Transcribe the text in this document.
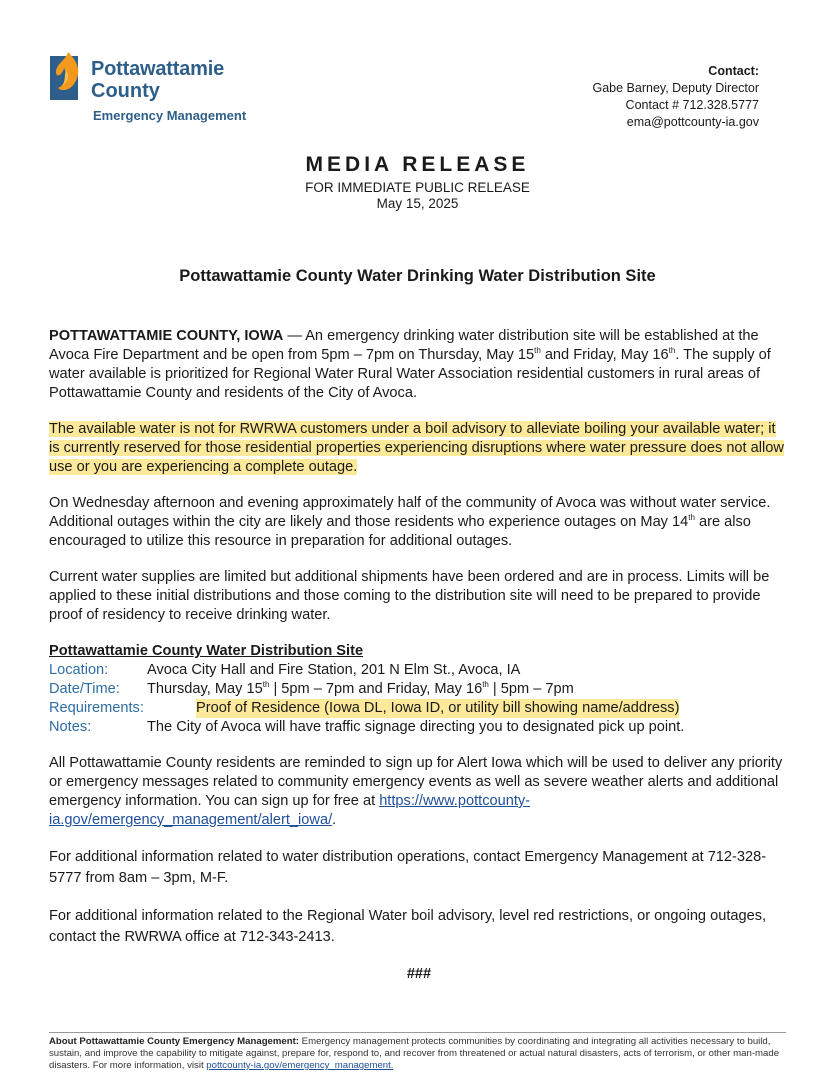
Pottawattamie
County
Emergency Management
Contact:
Gabe Barney, Deputy Director
Contact # 712.328.5777
ema@pottcounty-ia.gov
MEDIA RELEASE
FOR IMMEDIATE PUBLIC RELEASE
May 15, 2025
Pottawattamie County Water Drinking Water Distribution Site

POTTAWATTAMIE COUNTY, IOWA — An emergency drinking water distribution site will be established at the Avoca Fire Department and be open from 5pm – 7pm on Thursday, May 15th and Friday, May 16th. The supply of water available is prioritized for Regional Water Rural Water Association residential customers in rural areas of Pottawattamie County and residents of the City of Avoca.

The available water is not for RWRWA customers under a boil advisory to alleviate boiling your available water; it is currently reserved for those residential properties experiencing disruptions where water pressure does not allow use or you are experiencing a complete outage.

On Wednesday afternoon and evening approximately half of the community of Avoca was without water service. Additional outages within the city are likely and those residents who experience outages on May 14th are also encouraged to utilize this resource in preparation for additional outages.

Current water supplies are limited but additional shipments have been ordered and are in process. Limits will be applied to these initial distributions and those coming to the distribution site will need to be prepared to provide proof of residency to receive drinking water.

Pottawattamie County Water Distribution Site
Location:	Avoca City Hall and Fire Station, 201 N Elm St., Avoca, IA
Date/Time:	Thursday, May 15th | 5pm – 7pm and Friday, May 16th | 5pm – 7pm
Requirements:	Proof of Residence (Iowa DL, Iowa ID, or utility bill showing name/address)
Notes:	The City of Avoca will have traffic signage directing you to designated pick up point.

All Pottawattamie County residents are reminded to sign up for Alert Iowa which will be used to deliver any priority or emergency messages related to community emergency events as well as severe weather alerts and additional emergency information. You can sign up for free at https://www.pottcounty-ia.gov/emergency_management/alert_iowa/.

For additional information related to water distribution operations, contact Emergency Management at 712-328-5777 from 8am – 3pm, M-F.

For additional information related to the Regional Water boil advisory, level red restrictions, or ongoing outages, contact the RWRWA office at 712-343-2413.

###
About Pottawattamie County Emergency Management: Emergency management protects communities by coordinating and integrating all activities necessary to build, sustain, and improve the capability to mitigate against, prepare for, respond to, and recover from threatened or actual natural disasters, acts of terrorism, or other man-made disasters. For more information, visit pottcounty-ia.gov/emergency_management.
